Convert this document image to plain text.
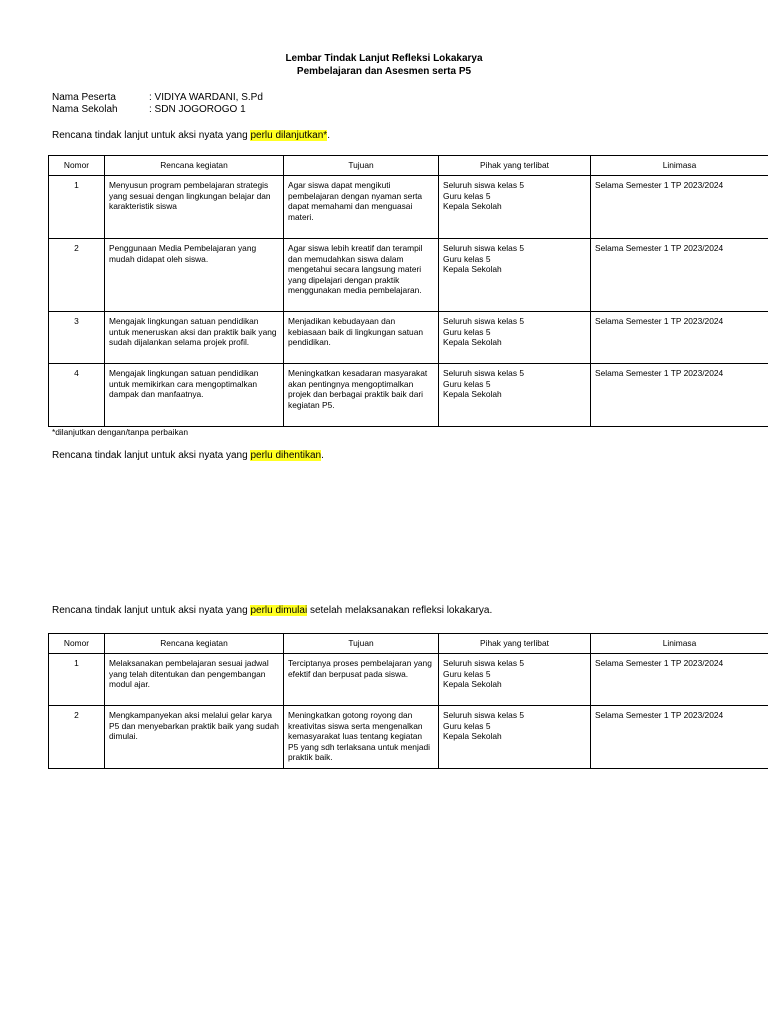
Lembar Tindak Lanjut Refleksi Lokakarya
Pembelajaran dan Asesmen serta P5
Nama Peserta	: VIDIYA WARDANI, S.Pd
Nama Sekolah	: SDN JOGOROGO 1
Rencana tindak lanjut untuk aksi nyata yang perlu dilanjutkan*.
Nomor	Rencana kegiatan	Tujuan	Pihak yang terlibat	Linimasa
1	Menyusun program pembelajaran strategis yang sesuai dengan lingkungan belajar dan karakteristik siswa	Agar siswa dapat mengikuti pembelajaran dengan nyaman serta dapat memahami dan menguasai materi.	Seluruh siswa kelas 5
Guru kelas 5
Kepala Sekolah	Selama Semester 1 TP 2023/2024
2	Penggunaan Media Pembelajaran yang mudah didapat oleh siswa.	Agar siswa lebih kreatif dan terampil dan memudahkan siswa dalam mengetahui secara langsung materi yang dipelajari dengan praktik menggunakan media pembelajaran.	Seluruh siswa kelas 5
Guru kelas 5
Kepala Sekolah	Selama Semester 1 TP 2023/2024
3	Mengajak lingkungan satuan pendidikan untuk meneruskan aksi dan praktik baik yang sudah dijalankan selama projek profil.	Menjadikan kebudayaan dan kebiasaan baik di lingkungan satuan pendidikan.	Seluruh siswa kelas 5
Guru kelas 5
Kepala Sekolah	Selama Semester 1 TP 2023/2024
4	Mengajak lingkungan satuan pendidikan untuk memikirkan cara mengoptimalkan dampak dan manfaatnya.	Meningkatkan kesadaran masyarakat akan pentingnya mengoptimalkan projek dan berbagai praktik baik dari kegiatan P5.	Seluruh siswa kelas 5
Guru kelas 5
Kepala Sekolah	Selama Semester 1 TP 2023/2024
*dilanjutkan dengan/tanpa perbaikan
Rencana tindak lanjut untuk aksi nyata yang perlu dihentikan.
Rencana tindak lanjut untuk aksi nyata yang perlu dimulai setelah melaksanakan refleksi lokakarya.
Nomor	Rencana kegiatan	Tujuan	Pihak yang terlibat	Linimasa
1	Melaksanakan pembelajaran sesuai jadwal yang telah ditentukan dan pengembangan modul ajar.	Terciptanya proses pembelajaran yang efektif dan berpusat pada siswa.	Seluruh siswa kelas 5
Guru kelas 5
Kepala Sekolah	Selama Semester 1 TP 2023/2024
2	Mengkampanyekan aksi melalui gelar karya P5 dan menyebarkan praktik baik yang sudah dimulai.	Meningkatkan gotong royong dan kreativitas siswa serta mengenalkan kemasyarakat luas tentang kegiatan P5 yang sdh terlaksana untuk menjadi praktik baik.	Seluruh siswa kelas 5
Guru kelas 5
Kepala Sekolah	Selama Semester 1 TP 2023/2024
